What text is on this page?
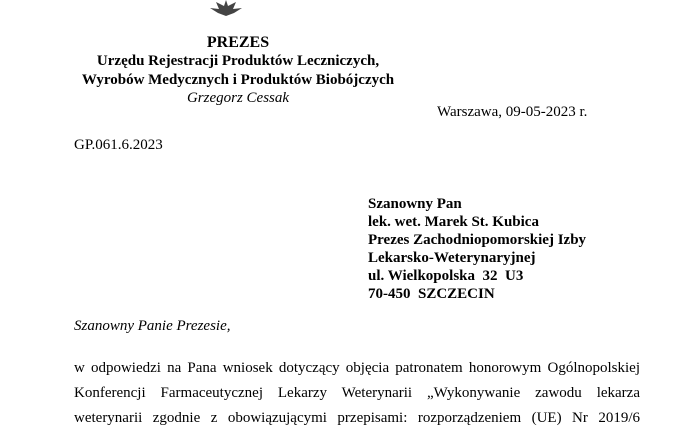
PREZES
Urzędu Rejestracji Produktów Leczniczych,
Wyrobów Medycznych i Produktów Biobójczych
Grzegorz Cessak
Warszawa, 09-05-2023 r.
GP.061.6.2023
Szanowny Pan
lek. wet. Marek St. Kubica
Prezes Zachodniopomorskiej Izby
Lekarsko-Weterynaryjnej
ul. Wielkopolska  32  U3
70-450  SZCZECIN
Szanowny Panie Prezesie,
w odpowiedzi na Pana wniosek dotyczący objęcia patronatem honorowym Ogólnopolskiej
Konferencji Farmaceutycznej Lekarzy Weterynarii „Wykonywanie zawodu lekarza
weterynarii zgodnie z obowiązującymi przepisami: rozporządzeniem (UE) Nr 2019/6
